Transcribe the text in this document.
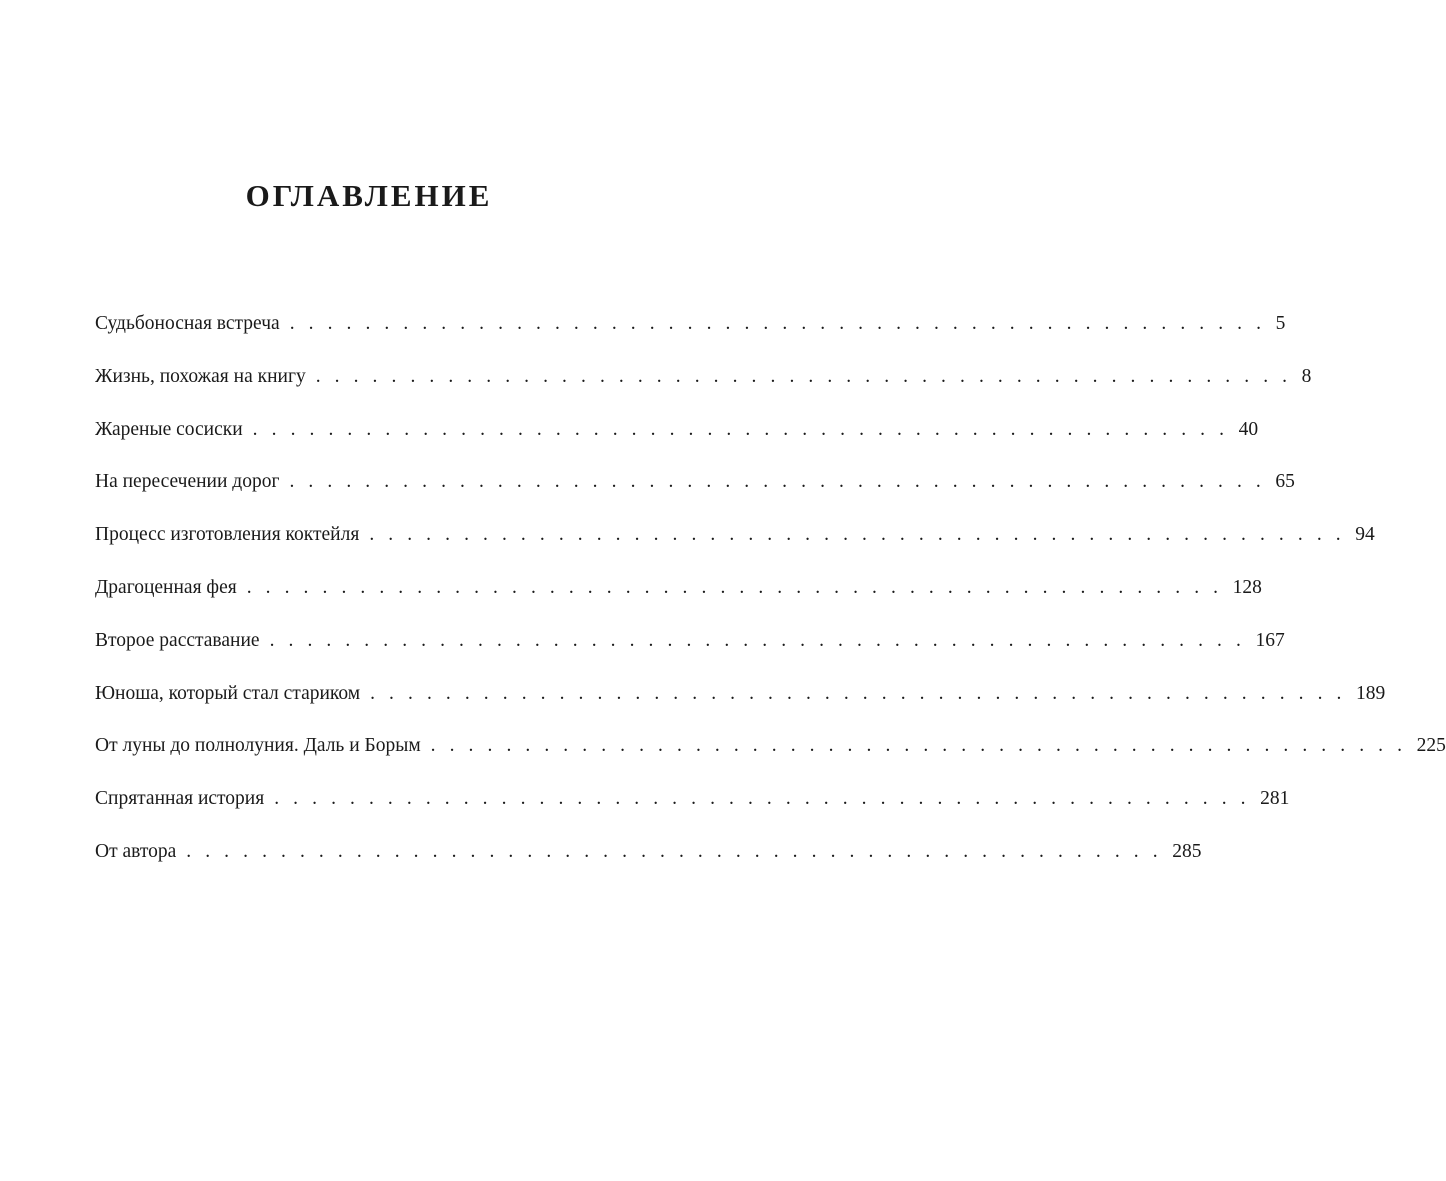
ОГЛАВЛЕНИЕ
Судьбоносная встреча . . . . . . . . . . . . . . . . . . . . . . . . . . . . . . . . . . . . . . . . . . . . . . . . . . . . 5
Жизнь, похожая на книгу . . . . . . . . . . . . . . . . . . . . . . . . . . . . . . . . . . . . . . . . . . . . . . . . . . . . 8
Жареные сосиски . . . . . . . . . . . . . . . . . . . . . . . . . . . . . . . . . . . . . . . . . . . . . . . . . . . . 40
На пересечении дорог . . . . . . . . . . . . . . . . . . . . . . . . . . . . . . . . . . . . . . . . . . . . . . . . . . . . 65
Процесс изготовления коктейля . . . . . . . . . . . . . . . . . . . . . . . . . . . . . . . . . . . . . . . . . . . . . . . . . . . . 94
Драгоценная фея . . . . . . . . . . . . . . . . . . . . . . . . . . . . . . . . . . . . . . . . . . . . . . . . . . . . 128
Второе расставание . . . . . . . . . . . . . . . . . . . . . . . . . . . . . . . . . . . . . . . . . . . . . . . . . . . . 167
Юноша, который стал стариком . . . . . . . . . . . . . . . . . . . . . . . . . . . . . . . . . . . . . . . . . . . . . . . . . . . . 189
От луны до полнолуния. Даль и Борым . . . . . . . . . . . . . . . . . . . . . . . . . . . . . . . . . . . . . . . . . . . . . . . . . . . . 225
Спрятанная история . . . . . . . . . . . . . . . . . . . . . . . . . . . . . . . . . . . . . . . . . . . . . . . . . . . . 281
От автора . . . . . . . . . . . . . . . . . . . . . . . . . . . . . . . . . . . . . . . . . . . . . . . . . . . . 285
